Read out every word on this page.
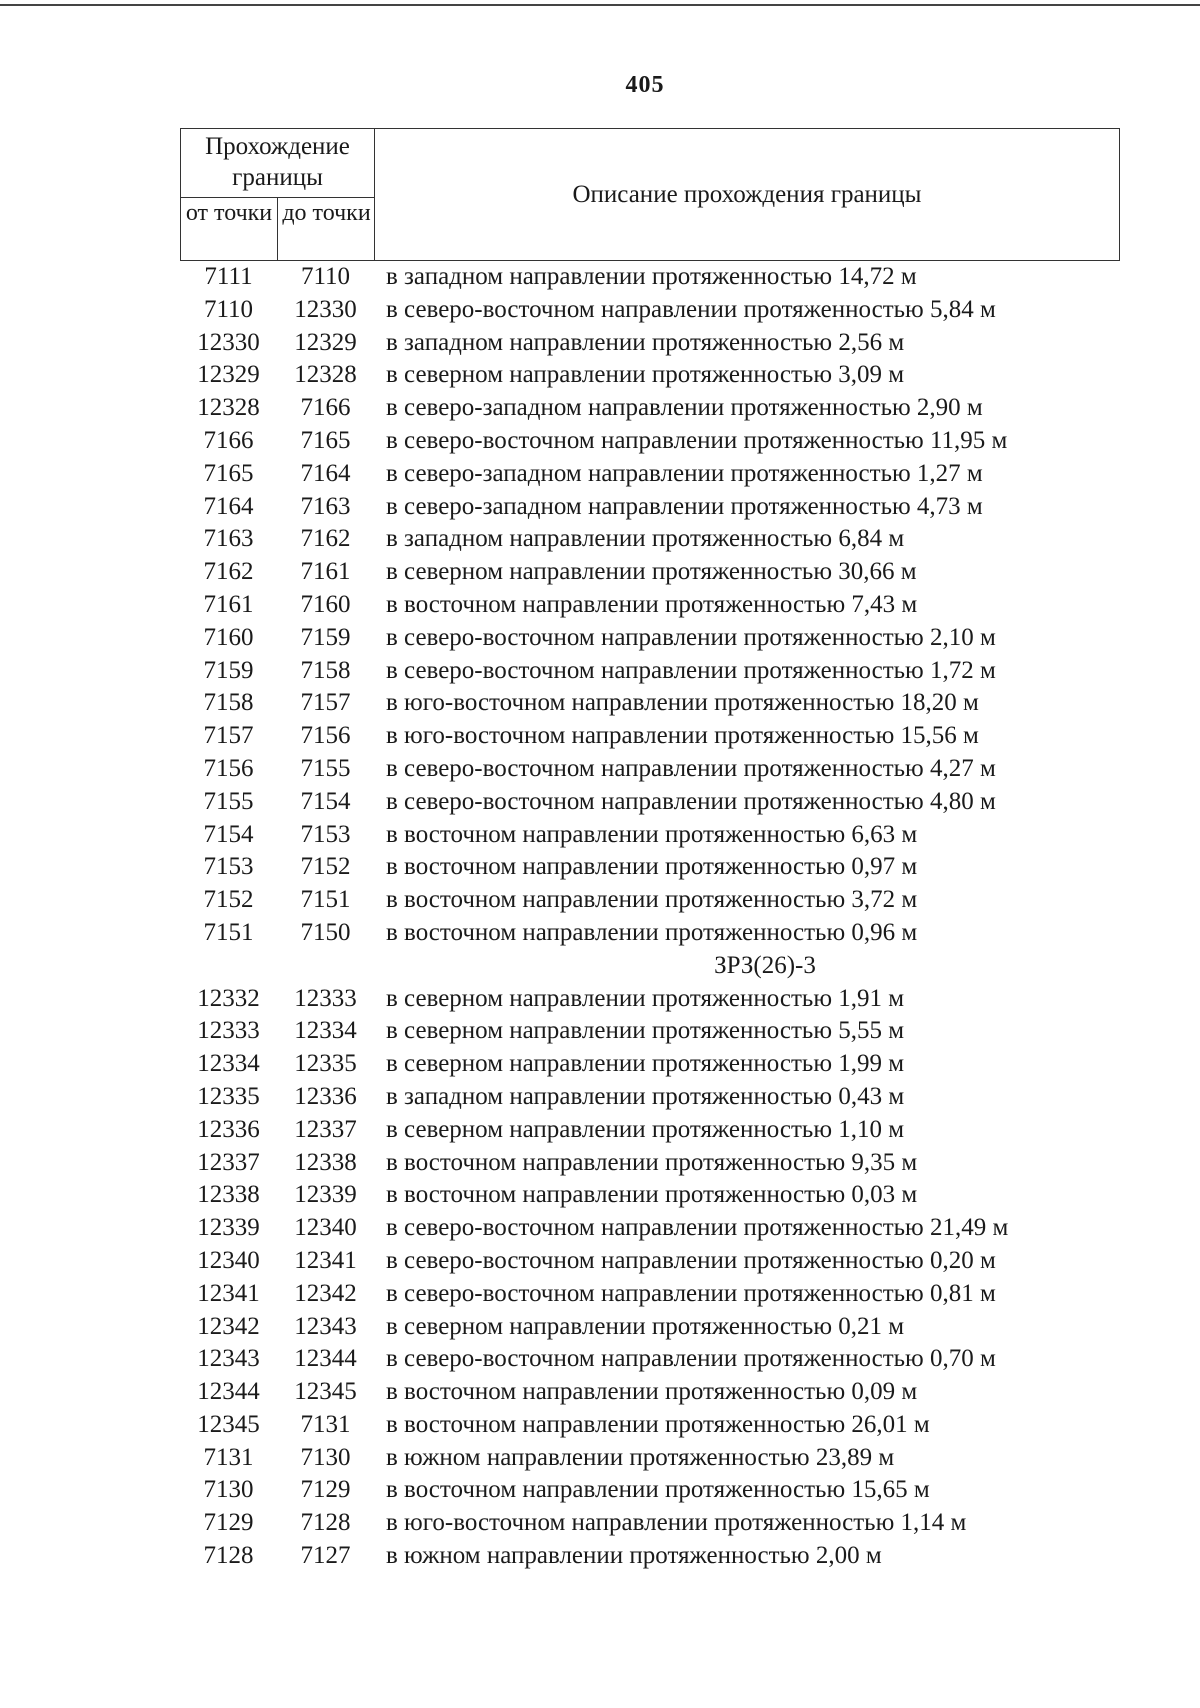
405
Прохождение границы
от точки до точки
Описание прохождения границы
7111	7110	в западном направлении протяженностью 14,72 м
7110	12330	в северо-восточном направлении протяженностью 5,84 м
12330	12329	в западном направлении протяженностью 2,56 м
12329	12328	в северном направлении протяженностью 3,09 м
12328	7166	в северо-западном направлении протяженностью 2,90 м
7166	7165	в северо-восточном направлении протяженностью 11,95 м
7165	7164	в северо-западном направлении протяженностью 1,27 м
7164	7163	в северо-западном направлении протяженностью 4,73 м
7163	7162	в западном направлении протяженностью 6,84 м
7162	7161	в северном направлении протяженностью 30,66 м
7161	7160	в восточном направлении протяженностью 7,43 м
7160	7159	в северо-восточном направлении протяженностью 2,10 м
7159	7158	в северо-восточном направлении протяженностью 1,72 м
7158	7157	в юго-восточном направлении протяженностью 18,20 м
7157	7156	в юго-восточном направлении протяженностью 15,56 м
7156	7155	в северо-восточном направлении протяженностью 4,27 м
7155	7154	в северо-восточном направлении протяженностью 4,80 м
7154	7153	в восточном направлении протяженностью 6,63 м
7153	7152	в восточном направлении протяженностью 0,97 м
7152	7151	в восточном направлении протяженностью 3,72 м
7151	7150	в восточном направлении протяженностью 0,96 м
ЗРЗ(26)-3
12332	12333	в северном направлении протяженностью 1,91 м
12333	12334	в северном направлении протяженностью 5,55 м
12334	12335	в северном направлении протяженностью 1,99 м
12335	12336	в западном направлении протяженностью 0,43 м
12336	12337	в северном направлении протяженностью 1,10 м
12337	12338	в восточном направлении протяженностью 9,35 м
12338	12339	в восточном направлении протяженностью 0,03 м
12339	12340	в северо-восточном направлении протяженностью 21,49 м
12340	12341	в северо-восточном направлении протяженностью 0,20 м
12341	12342	в северо-восточном направлении протяженностью 0,81 м
12342	12343	в северном направлении протяженностью 0,21 м
12343	12344	в северо-восточном направлении протяженностью 0,70 м
12344	12345	в восточном направлении протяженностью 0,09 м
12345	7131	в восточном направлении протяженностью 26,01 м
7131	7130	в южном направлении протяженностью 23,89 м
7130	7129	в восточном направлении протяженностью 15,65 м
7129	7128	в юго-восточном направлении протяженностью 1,14 м
7128	7127	в южном направлении протяженностью 2,00 м
